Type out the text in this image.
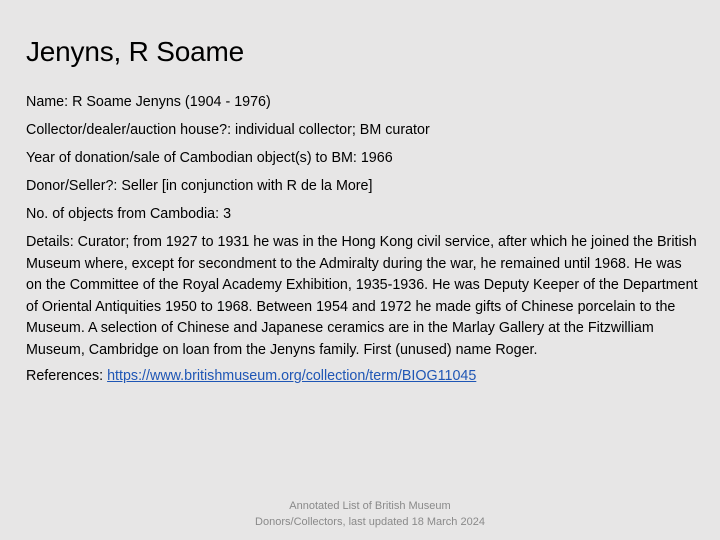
Jenyns, R Soame

Name: R Soame Jenyns (1904 - 1976)

Collector/dealer/auction house?: individual collector; BM curator

Year of donation/sale of Cambodian object(s) to BM: 1966

Donor/Seller?: Seller [in conjunction with R de la More]

No. of objects from Cambodia: 3

Details: Curator; from 1927 to 1931 he was in the Hong Kong civil service, after which he joined the British Museum where, except for secondment to the Admiralty during the war, he remained until 1968. He was on the Committee of the Royal Academy Exhibition, 1935-1936. He was Deputy Keeper of the Department of Oriental Antiquities 1950 to 1968. Between 1954 and 1972 he made gifts of Chinese porcelain to the Museum. A selection of Chinese and Japanese ceramics are in the Marlay Gallery at the Fitzwilliam Museum, Cambridge on loan from the Jenyns family. First (unused) name Roger.

References: https://www.britishmuseum.org/collection/term/BIOG11045

Annotated List of British Museum
Donors/Collectors, last updated 18 March 2024
